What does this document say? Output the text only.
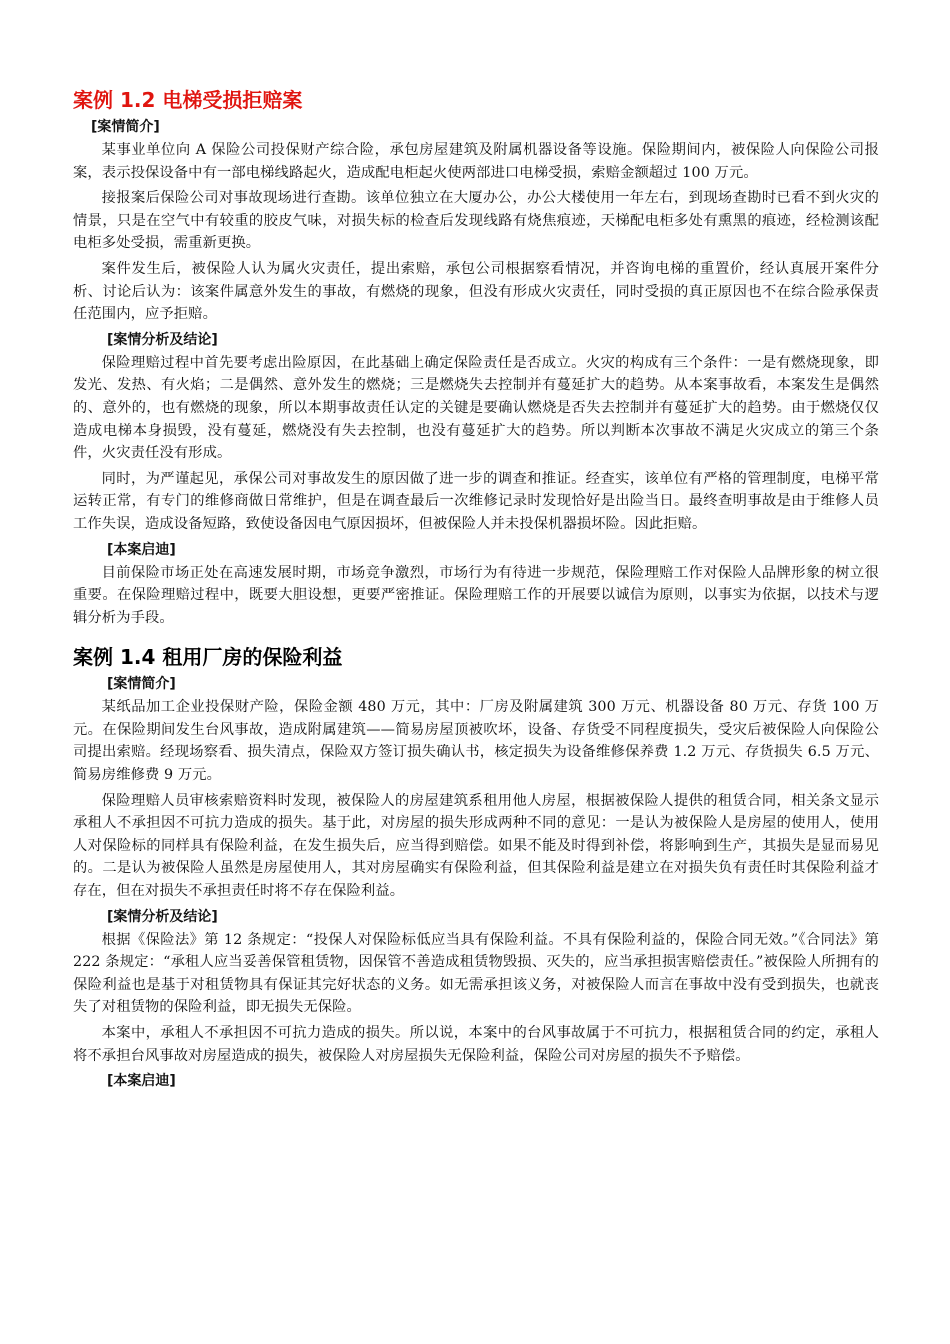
案例 1.2 电梯受损拒赔案
[案情简介]

某事业单位向 A 保险公司投保财产综合险，承包房屋建筑及附属机器设备等设施。保险期间内，被保险人向保险公司报案，表示投保设备中有一部电梯线路起火，造成配电柜起火使两部进口电梯受损，索赔金额超过 100 万元。

接报案后保险公司对事故现场进行查勘。该单位独立在大厦办公，办公大楼使用一年左右，到现场查勘时已看不到火灾的情景，只是在空气中有较重的胶皮气味，对损失标的检查后发现线路有烧焦痕迹，天梯配电柜多处有熏黑的痕迹，经检测该配电柜多处受损，需重新更换。

案件发生后，被保险人认为属火灾责任，提出索赔，承包公司根据察看情况，并咨询电梯的重置价，经认真展开案件分析、讨论后认为：该案件属意外发生的事故，有燃烧的现象，但没有形成火灾责任，同时受损的真正原因也不在综合险承保责任范围内，应予拒赔。

[案情分析及结论]

保险理赔过程中首先要考虑出险原因，在此基础上确定保险责任是否成立。火灾的构成有三个条件：一是有燃烧现象，即发光、发热、有火焰；二是偶然、意外发生的燃烧；三是燃烧失去控制并有蔓延扩大的趋势。从本案事故看，本案发生是偶然的、意外的，也有燃烧的现象，所以本期事故责任认定的关键是要确认燃烧是否失去控制并有蔓延扩大的趋势。由于燃烧仅仅造成电梯本身损毁，没有蔓延，燃烧没有失去控制，也没有蔓延扩大的趋势。所以判断本次事故不满足火灾成立的第三个条件，火灾责任没有形成。

同时，为严谨起见，承保公司对事故发生的原因做了进一步的调查和推证。经查实，该单位有严格的管理制度，电梯平常运转正常，有专门的维修商做日常维护，但是在调查最后一次维修记录时发现恰好是出险当日。最终查明事故是由于维修人员工作失误，造成设备短路，致使设备因电气原因损坏，但被保险人并未投保机器损坏险。因此拒赔。

[本案启迪]

目前保险市场正处在高速发展时期，市场竞争激烈，市场行为有待进一步规范，保险理赔工作对保险人品牌形象的树立很重要。在保险理赔过程中，既要大胆设想，更要严密推证。保险理赔工作的开展要以诚信为原则，以事实为依据，以技术与逻辑分析为手段。

案例 1.4 租用厂房的保险利益
[案情简介]

某纸品加工企业投保财产险，保险金额 480 万元，其中：厂房及附属建筑 300 万元、机器设备 80 万元、存货 100 万元。在保险期间发生台风事故，造成附属建筑——简易房屋顶被吹坏，设备、存货受不同程度损失，受灾后被保险人向保险公司提出索赔。经现场察看、损失清点，保险双方签订损失确认书，核定损失为设备维修保养费 1.2 万元、存货损失 6.5 万元、简易房维修费 9 万元。

保险理赔人员审核索赔资料时发现，被保险人的房屋建筑系租用他人房屋，根据被保险人提供的租赁合同，相关条文显示承租人不承担因不可抗力造成的损失。基于此，对房屋的损失形成两种不同的意见：一是认为被保险人是房屋的使用人，使用人对保险标的同样具有保险利益，在发生损失后，应当得到赔偿。如果不能及时得到补偿，将影响到生产，其损失是显而易见的。二是认为被保险人虽然是房屋使用人，其对房屋确实有保险利益，但其保险利益是建立在对损失负有责任时其保险利益才存在，但在对损失不承担责任时将不存在保险利益。

[案情分析及结论]

根据《保险法》第 12 条规定：“投保人对保险标低应当具有保险利益。不具有保险利益的，保险合同无效。”《合同法》第 222 条规定：“承租人应当妥善保管租赁物，因保管不善造成租赁物毁损、灭失的，应当承担损害赔偿责任。”被保险人所拥有的保险利益也是基于对租赁物具有保证其完好状态的义务。如无需承担该义务，对被保险人而言在事故中没有受到损失，也就丧失了对租赁物的保险利益，即无损失无保险。

本案中，承租人不承担因不可抗力造成的损失。所以说，本案中的台风事故属于不可抗力，根据租赁合同的约定，承租人将不承担台风事故对房屋造成的损失，被保险人对房屋损失无保险利益，保险公司对房屋的损失不予赔偿。

[本案启迪]
